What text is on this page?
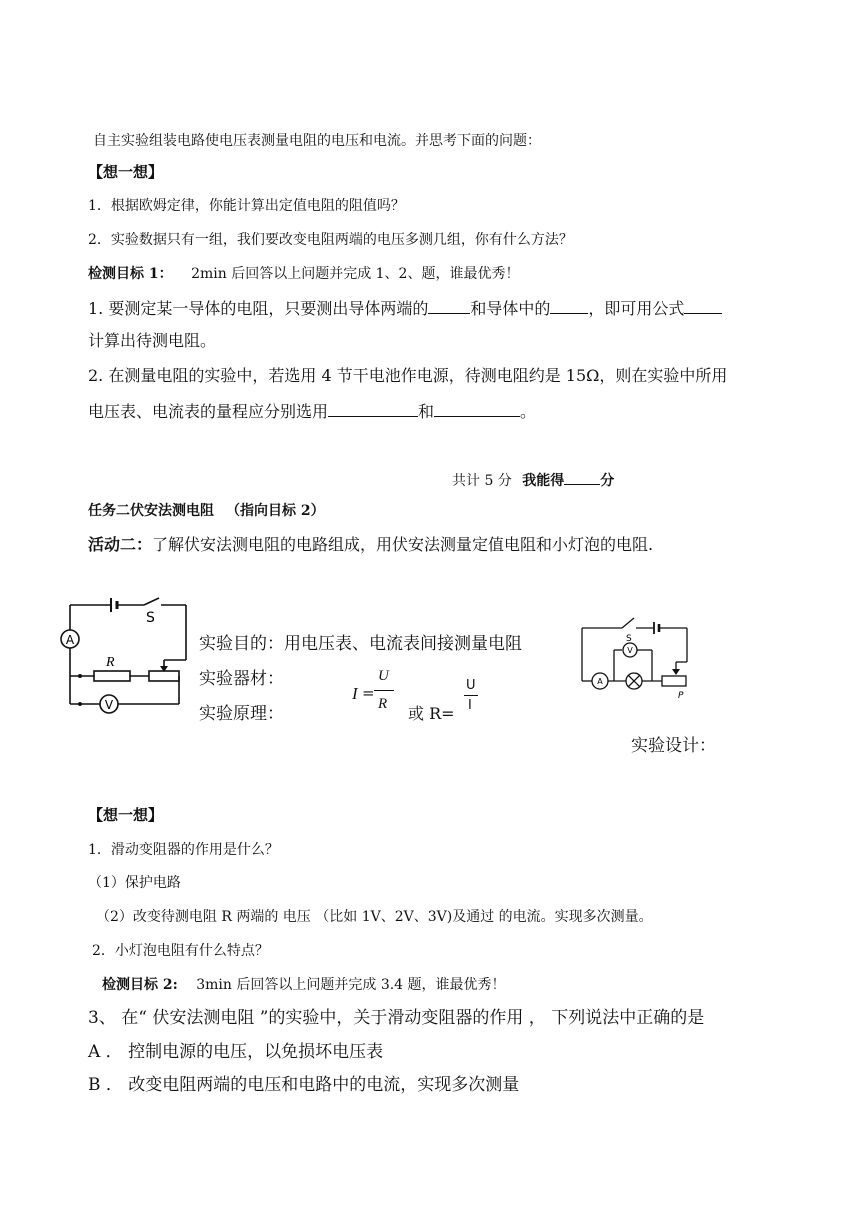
自主实验组装电路使电压表测量电阻的电压和电流。并思考下面的问题：
【想一想】
1．根据欧姆定律，你能计算出定值电阻的阻值吗？
2．实验数据只有一组，我们要改变电阻两端的电压多测几组，你有什么方法？
检测目标 1： 2min 后回答以上问题并完成 1、2、题，谁最优秀！
1. 要测定某一导体的电阻，只要测出导体两端的	和导体中的 ，即可用公式
计算出待测电阻。
2. 在测量电阻的实验中，若选用 4 节干电池作电源，待测电阻约是 15Ω，则在实验中所用
电压表、电流表的量程应分别选用	和	。
共计 5 分 我能得	分
任务二伏安法测电阻 （指向目标 2）
活动二：了解伏安法测电阻的电路组成，用伏安法测量定值电阻和小灯泡的电阻.
A
V
S
R
实验目的：用电压表、电流表间接测量电阻
实验器材：
实验原理：
I =
U
R 或 R=
U
I
S
V
A
P
实验设计：
【想一想】
1．滑动变阻器的作用是什么？
（1）保护电路
（2）改变待测电阻 R 两端的 电压 （比如 1V、2V、3V)及通过 的电流。实现多次测量。
2．小灯泡电阻有什么特点？
检测目标 2: 3min 后回答以上问题并完成 3.4 题，谁最优秀！
3、 在“ 伏安法测电阻 ”的实验中，关于滑动变阻器的作用 ， 下列说法中正确的是
A ． 控制电源的电压，以免损坏电压表
B ． 改变电阻两端的电压和电路中的电流，实现多次测量
